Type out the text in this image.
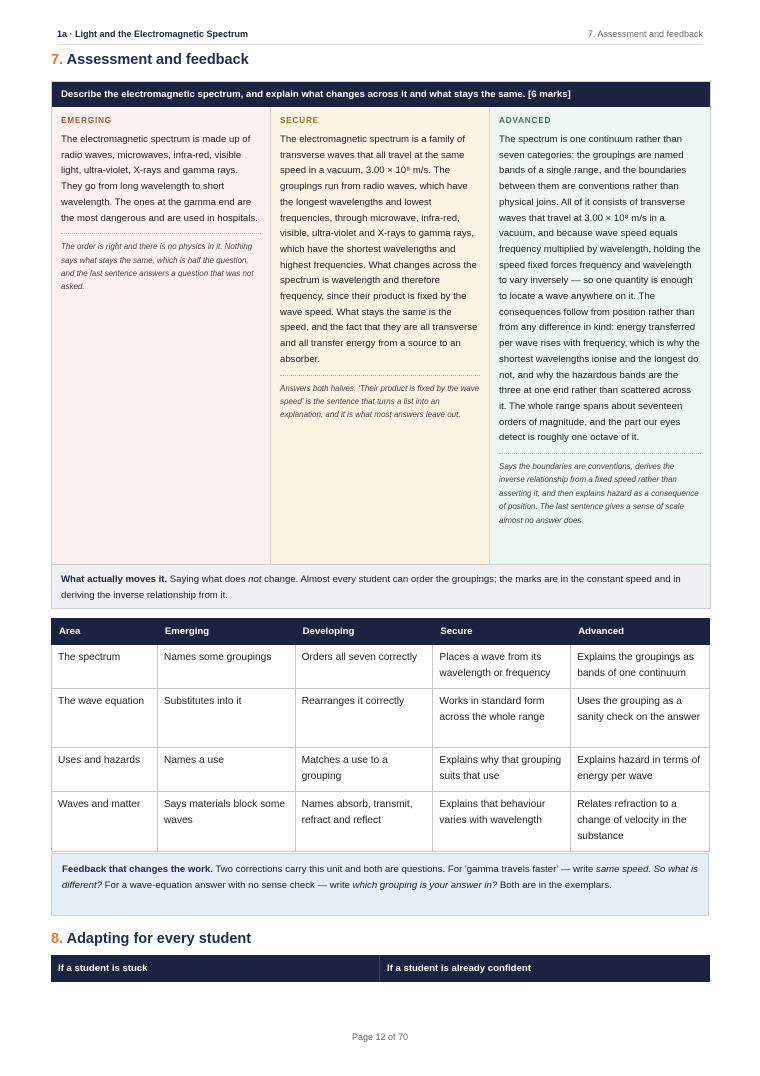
1a · Light and the Electromagnetic Spectrum	7. Assessment and feedback
7. Assessment and feedback
Describe the electromagnetic spectrum, and explain what changes across it and what stays the same. [6 marks]
EMERGING
The electromagnetic spectrum is made up of radio waves, microwaves, infra-red, visible light, ultra-violet, X-rays and gamma rays. They go from long wavelength to short wavelength. The ones at the gamma end are the most dangerous and are used in hospitals.
The order is right and there is no physics in it. Nothing says what stays the same, which is half the question, and the last sentence answers a question that was not asked.
SECURE
The electromagnetic spectrum is a family of transverse waves that all travel at the same speed in a vacuum, 3.00 × 10⁸ m/s. The groupings run from radio waves, which have the longest wavelengths and lowest frequencies, through microwave, infra-red, visible, ultra-violet and X-rays to gamma rays, which have the shortest wavelengths and highest frequencies. What changes across the spectrum is wavelength and therefore frequency, since their product is fixed by the wave speed. What stays the same is the speed, and the fact that they are all transverse and all transfer energy from a source to an absorber.
Answers both halves. ‘Their product is fixed by the wave speed’ is the sentence that turns a list into an explanation, and it is what most answers leave out.
ADVANCED
The spectrum is one continuum rather than seven categories: the groupings are named bands of a single range, and the boundaries between them are conventions rather than physical joins. All of it consists of transverse waves that travel at 3.00 × 10⁸ m/s in a vacuum, and because wave speed equals frequency multiplied by wavelength, holding the speed fixed forces frequency and wavelength to vary inversely — so one quantity is enough to locate a wave anywhere on it. The consequences follow from position rather than from any difference in kind: energy transferred per wave rises with frequency, which is why the shortest wavelengths ionise and the longest do not, and why the hazardous bands are the three at one end rather than scattered across it. The whole range spans about seventeen orders of magnitude, and the part our eyes detect is roughly one octave of it.
Says the boundaries are conventions, derives the inverse relationship from a fixed speed rather than asserting it, and then explains hazard as a consequence of position. The last sentence gives a sense of scale almost no answer does.
What actually moves it. Saying what does not change. Almost every student can order the groupings; the marks are in the constant speed and in deriving the inverse relationship from it.
Area	Emerging	Developing	Secure	Advanced
The spectrum	Names some groupings	Orders all seven correctly	Places a wave from its wavelength or frequency	Explains the groupings as bands of one continuum
The wave equation	Substitutes into it	Rearranges it correctly	Works in standard form across the whole range	Uses the grouping as a sanity check on the answer
Uses and hazards	Names a use	Matches a use to a grouping	Explains why that grouping suits that use	Explains hazard in terms of energy per wave
Waves and matter	Says materials block some waves	Names absorb, transmit, refract and reflect	Explains that behaviour varies with wavelength	Relates refraction to a change of velocity in the substance
Feedback that changes the work. Two corrections carry this unit and both are questions. For 'gamma travels faster' — write same speed. So what is different? For a wave-equation answer with no sense check — write which grouping is your answer in? Both are in the exemplars.
8. Adapting for every student
If a student is stuck	If a student is already confident
Page 12 of 70
